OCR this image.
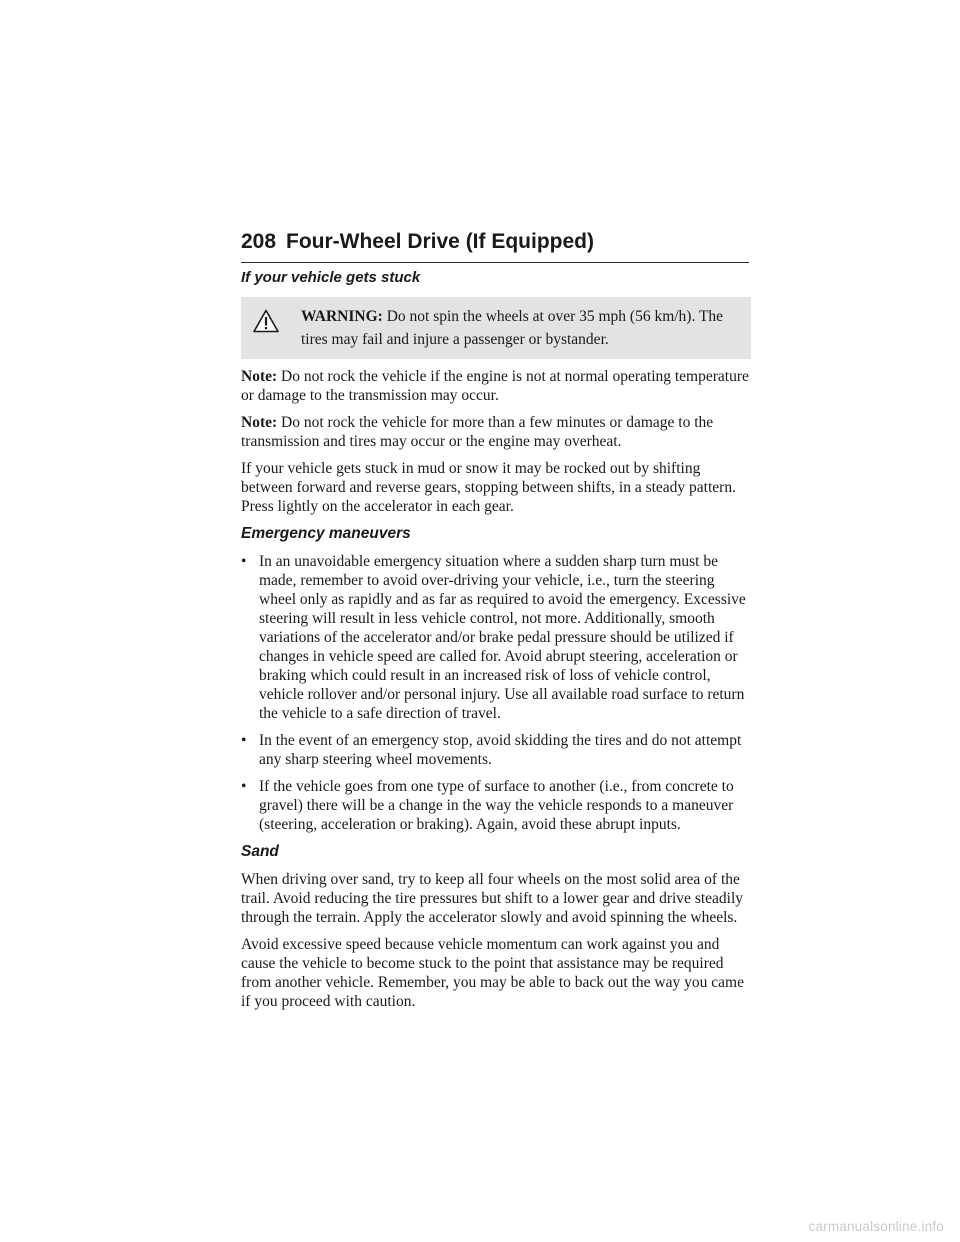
208 Four-Wheel Drive (If Equipped)
If your vehicle gets stuck
WARNING: Do not spin the wheels at over 35 mph (56 km/h). The tires may fail and injure a passenger or bystander.

Note: Do not rock the vehicle if the engine is not at normal operating temperature or damage to the transmission may occur.

Note: Do not rock the vehicle for more than a few minutes or damage to the transmission and tires may occur or the engine may overheat.

If your vehicle gets stuck in mud or snow it may be rocked out by shifting between forward and reverse gears, stopping between shifts, in a steady pattern. Press lightly on the accelerator in each gear.

Emergency maneuvers
• In an unavoidable emergency situation where a sudden sharp turn must be made, remember to avoid over-driving your vehicle, i.e., turn the steering wheel only as rapidly and as far as required to avoid the emergency. Excessive steering will result in less vehicle control, not more. Additionally, smooth variations of the accelerator and/or brake pedal pressure should be utilized if changes in vehicle speed are called for. Avoid abrupt steering, acceleration or braking which could result in an increased risk of loss of vehicle control, vehicle rollover and/or personal injury. Use all available road surface to return the vehicle to a safe direction of travel.
• In the event of an emergency stop, avoid skidding the tires and do not attempt any sharp steering wheel movements.
• If the vehicle goes from one type of surface to another (i.e., from concrete to gravel) there will be a change in the way the vehicle responds to a maneuver (steering, acceleration or braking). Again, avoid these abrupt inputs.
Sand

When driving over sand, try to keep all four wheels on the most solid area of the trail. Avoid reducing the tire pressures but shift to a lower gear and drive steadily through the terrain. Apply the accelerator slowly and avoid spinning the wheels.

Avoid excessive speed because vehicle momentum can work against you and cause the vehicle to become stuck to the point that assistance may be required from another vehicle. Remember, you may be able to back out the way you came if you proceed with caution.

carmanualsonline.info
